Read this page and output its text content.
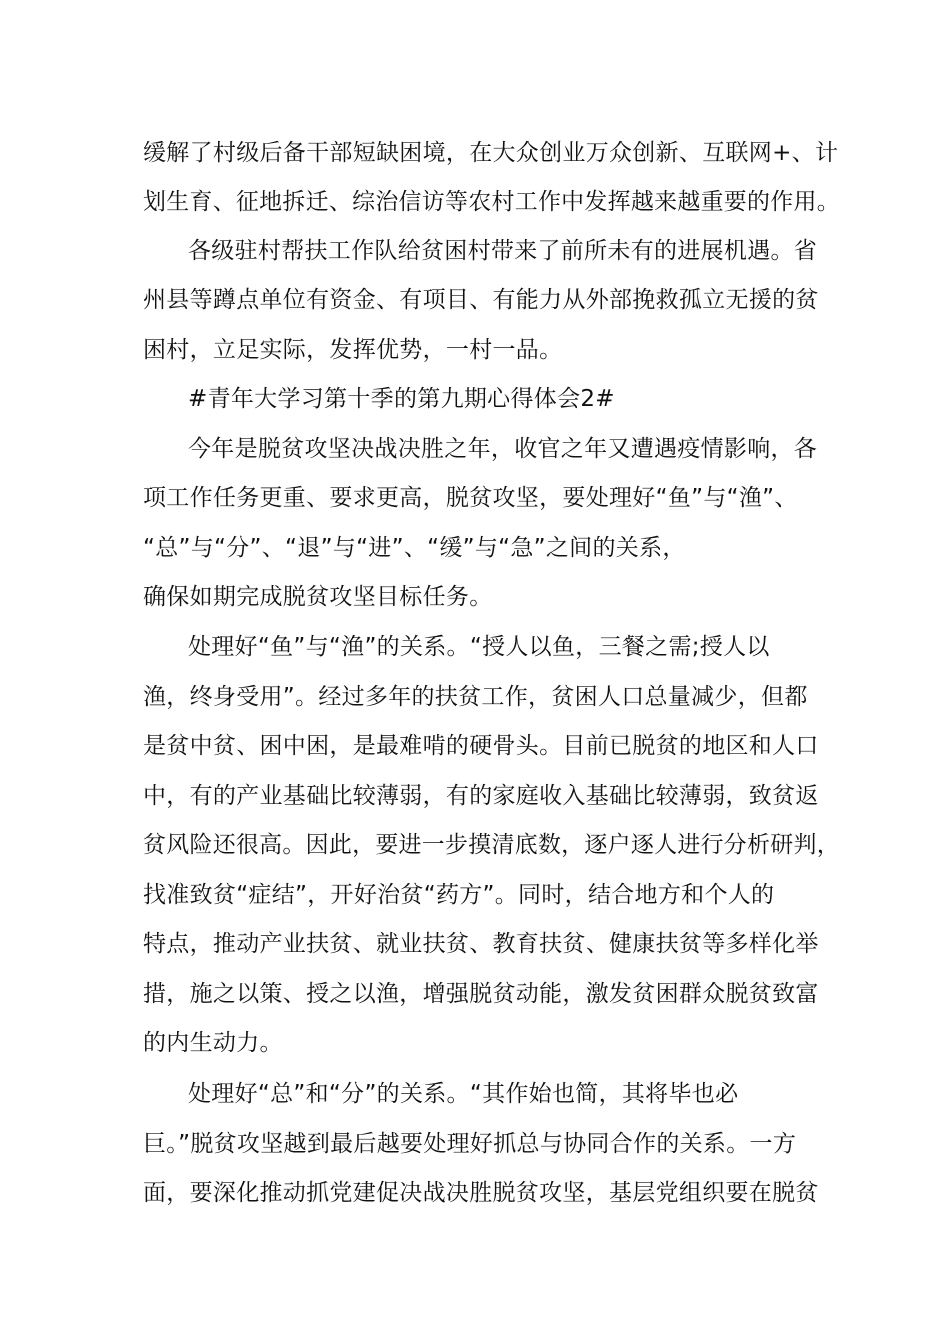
缓解了村级后备干部短缺困境，在大众创业万众创新、互联网+、计
划生育、征地拆迁、综治信访等农村工作中发挥越来越重要的作用。
各级驻村帮扶工作队给贫困村带来了前所未有的进展机遇。省
州县等蹲点单位有资金、有项目、有能力从外部挽救孤立无援的贫
困村，立足实际，发挥优势，一村一品。
#青年大学习第十季的第九期心得体会2#
今年是脱贫攻坚决战决胜之年，收官之年又遭遇疫情影响，各
项工作任务更重、要求更高，脱贫攻坚，要处理好“鱼”与“渔”、
“总”与“分”、“退”与“进”、“缓”与“急”之间的关系，
确保如期完成脱贫攻坚目标任务。
处理好“鱼”与“渔”的关系。“授人以鱼，三餐之需;授人以
渔，终身受用”。经过多年的扶贫工作，贫困人口总量减少，但都
是贫中贫、困中困，是最难啃的硬骨头。目前已脱贫的地区和人口
中，有的产业基础比较薄弱，有的家庭收入基础比较薄弱，致贫返
贫风险还很高。因此，要进一步摸清底数，逐户逐人进行分析研判，
找准致贫“症结”，开好治贫“药方”。同时，结合地方和个人的
特点，推动产业扶贫、就业扶贫、教育扶贫、健康扶贫等多样化举
措，施之以策、授之以渔，增强脱贫动能，激发贫困群众脱贫致富
的内生动力。
处理好“总”和“分”的关系。“其作始也简，其将毕也必
巨。”脱贫攻坚越到最后越要处理好抓总与协同合作的关系。一方
面，要深化推动抓党建促决战决胜脱贫攻坚，基层党组织要在脱贫
